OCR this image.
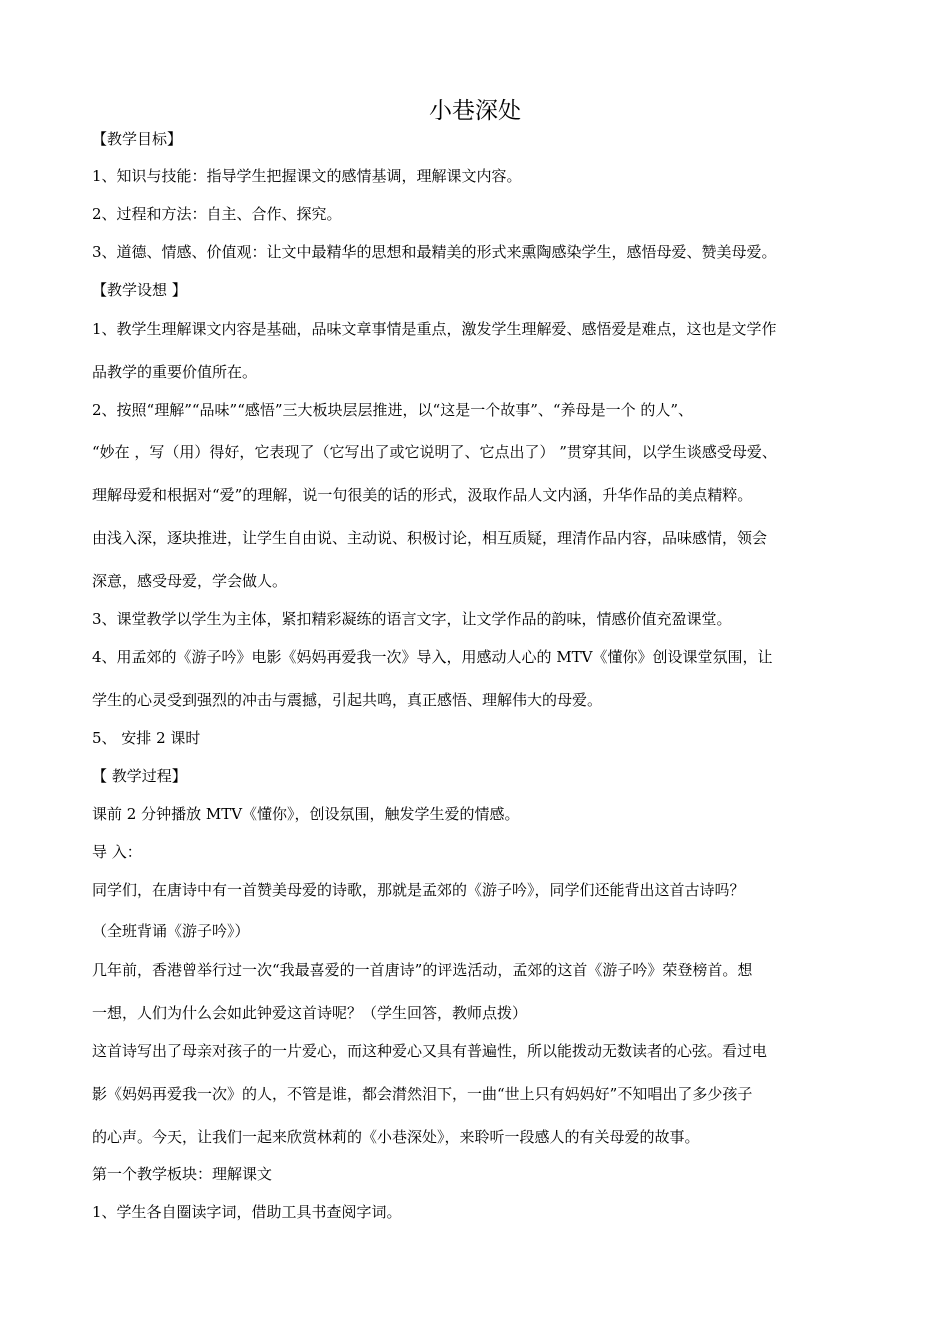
小巷深处
【教学目标】
1、知识与技能：指导学生把握课文的感情基调，理解课文内容。
2、过程和方法：自主、合作、探究。
3、道德、情感、价值观：让文中最精华的思想和最精美的形式来熏陶感染学生，感悟母爱、赞美母爱。
【教学设想 】
1、教学生理解课文内容是基础，品味文章事情是重点，激发学生理解爱、感悟爱是难点，这也是文学作
品教学的重要价值所在。
2、按照“理解”“品味”“感悟”三大板块层层推进，以“这是一个故事”、“养母是一个 的人”、
“妙在 ，写（用）得好，它表现了（它写出了或它说明了、它点出了） ”贯穿其间，以学生谈感受母爱、
理解母爱和根据对“爱”的理解，说一句很美的话的形式，汲取作品人文内涵，升华作品的美点精粹。
由浅入深，逐块推进，让学生自由说、主动说、积极讨论，相互质疑，理清作品内容，品味感情，领会
深意，感受母爱，学会做人。
3、课堂教学以学生为主体，紧扣精彩凝练的语言文字，让文学作品的韵味，情感价值充盈课堂。
4、用孟郊的《游子吟》电影《妈妈再爱我一次》导入，用感动人心的 MTV《懂你》创设课堂氛围，让
学生的心灵受到强烈的冲击与震撼，引起共鸣，真正感悟、理解伟大的母爱。
5、 安排 2 课时
【 教学过程】
课前 2 分钟播放 MTV《懂你》，创设氛围，触发学生爱的情感。
导 入：
同学们，在唐诗中有一首赞美母爱的诗歌，那就是孟郊的《游子吟》，同学们还能背出这首古诗吗？
（全班背诵《游子吟》）
几年前，香港曾举行过一次“我最喜爱的一首唐诗”的评选活动，孟郊的这首《游子吟》荣登榜首。想
一想，人们为什么会如此钟爱这首诗呢？（学生回答，教师点拨）
这首诗写出了母亲对孩子的一片爱心，而这种爱心又具有普遍性，所以能拨动无数读者的心弦。看过电
影《妈妈再爱我一次》的人，不管是谁，都会潸然泪下，一曲“世上只有妈妈好”不知唱出了多少孩子
的心声。今天，让我们一起来欣赏林莉的《小巷深处》，来聆听一段感人的有关母爱的故事。
第一个教学板块：理解课文
1、学生各自圈读字词，借助工具书查阅字词。
